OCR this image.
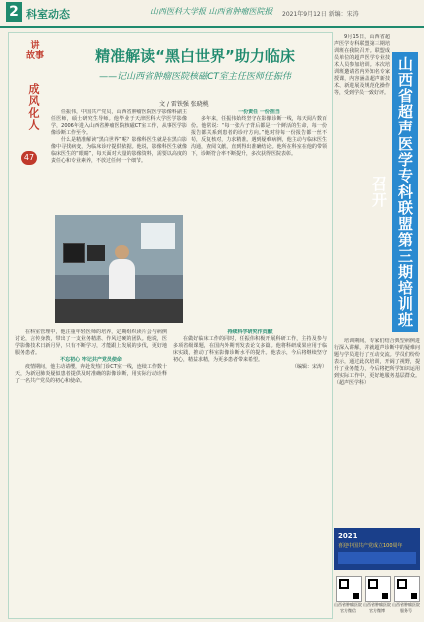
2 科室动态	山西医科大学报 山西省肿瘤医院报 2021年9月12日 新编：宋涛
讲
故事
成风化人
47
精准解读“黑白世界”助力临床
——记山西省肿瘤医院核磁CT室主任医师任振伟
文 / 雷铁强 张晓桃

任振伟，中国共产党员，山西省肿瘤医院医学影像科副主任医师，硕士研究生导师。他毕业于天津医科大学医学影像学，2006年进入山西省肿瘤医院核磁CT室工作，从事医学影像诊断工作至今。

什么是精准解读“黑白世界”呢？影像科医生就是在黑白影像中寻找病变，为临床诊疗提供依据。他说，影像科医生就像临床医生的“眼睛”，每天面对大量的影像资料，需要以高度的责任心和专业素养，不放过任何一个细节。

一份责任 一份担当

多年来，任振伟始终坚守在影像诊断一线，每天阅片数百份。他常说：“每一张片子背后都是一个鲜活的生命，每一份报告都关系到患者的诊疗方向。”他对待每一份报告都一丝不苟，反复核对，力求精准。遇到疑难病例，他主动与临床医生沟通，查阅文献，直到得出准确结论。他所在科室在他的带领下，诊断符合率不断提升，多次获得医院表彰。

在科室管理中，他注重年轻医师的培养，定期组织读片会与病例讨论，言传身教，带出了一支业务精湛、作风过硬的团队。他说，医学影像技术日新月异，只有不断学习，才能跟上发展的步伐，更好地服务患者。

不忘初心 牢记共产党员使命

疫情期间，他主动请缨，奔赴发热门诊CT室一线，连续工作数十天，为新冠肺炎疑似患者提供及时准确的影像诊断，用实际行动诠释了一名共产党员的初心和使命。

持续科学研究作贡献

在做好临床工作的同时，任振伟积极开展科研工作，主持及参与多项省级课题，在国内外期刊发表论文多篇。他将科研成果应用于临床实践，推动了科室影像诊断水平的提升。他表示，今后将继续坚守初心，精益求精，为更多患者带来希望。

（编辑：宋涛）

9月15日，山西省超声医学专科联盟第三期培训班在我院召开。联盟成员单位的超声医学专业技术人员参加培训。本次培训班邀请省内外知名专家授课，内容涵盖超声新技术、新进展及规范化操作等，受到学员一致好评。 山西省超声医学专科联盟第三期培训班召开

培训期间，专家们结合典型病例进行深入讲解，并就超声诊断中的疑难问题与学员进行了互动交流。学员们纷纷表示，通过此次培训，开阔了视野，提升了业务能力，今后将把所学知识运用到实际工作中，更好地服务基层群众。（超声医学科）

2021
喜迎中国共产党成立100周年
山西省肿瘤医院官方微信
山西省肿瘤医院官方微博
山西省肿瘤医院服务号
